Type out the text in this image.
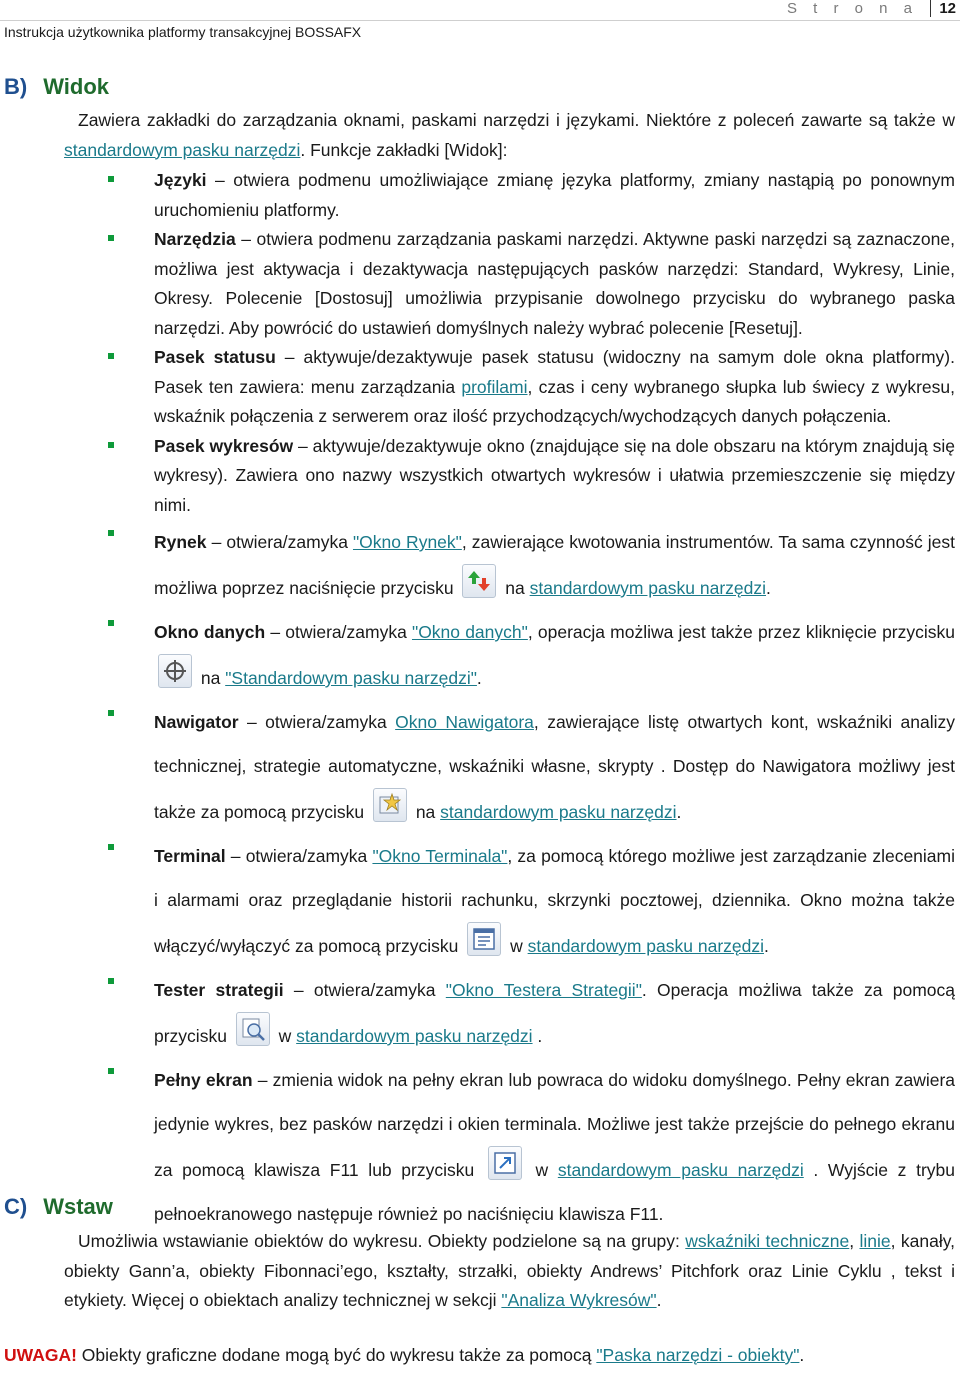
Instrukcja użytkownika platformy transakcyjnej BOSSAFX
S t r o n a	12
B) Widok
Zawiera zakładki do zarządzania oknami, paskami narzędzi i językami. Niektóre z poleceń zawarte są także w standardowym pasku narzędzi. Funkcje zakładki [Widok]:
Języki – otwiera podmenu umożliwiające zmianę języka platformy, zmiany nastąpią po ponownym uruchomieniu platformy.
Narzędzia – otwiera podmenu zarządzania paskami narzędzi. Aktywne paski narzędzi są zaznaczone, możliwa jest aktywacja i dezaktywacja następujących pasków narzędzi: Standard, Wykresy, Linie, Okresy. Polecenie [Dostosuj] umożliwia przypisanie dowolnego przycisku do wybranego paska narzędzi. Aby powrócić do ustawień domyślnych należy wybrać polecenie [Resetuj].
Pasek statusu – aktywuje/dezaktywuje pasek statusu (widoczny na samym dole okna platformy). Pasek ten zawiera: menu zarządzania profilami, czas i ceny wybranego słupka lub świecy z wykresu, wskaźnik połączenia z serwerem oraz ilość przychodzących/wychodzących danych połączenia.
Pasek wykresów – aktywuje/dezaktywuje okno (znajdujące się na dole obszaru na którym znajdują się wykresy). Zawiera ono nazwy wszystkich otwartych wykresów i ułatwia przemieszczenie się między nimi.
Rynek – otwiera/zamyka "Okno Rynek", zawierające kwotowania instrumentów. Ta sama czynność jest możliwa poprzez naciśnięcie przycisku
na standardowym pasku narzędzi.
Okno danych – otwiera/zamyka "Okno danych", operacja możliwa jest także przez kliknięcie przycisku
na "Standardowym pasku narzędzi".
Nawigator – otwiera/zamyka Okno Nawigatora, zawierające listę otwartych kont, wskaźniki analizy technicznej, strategie automatyczne, wskaźniki własne, skrypty . Dostęp do Nawigatora możliwy jest także za pomocą przycisku
na standardowym pasku narzędzi.
Terminal – otwiera/zamyka "Okno Terminala", za pomocą którego możliwe jest zarządzanie zleceniami i alarmami oraz przeglądanie historii rachunku, skrzynki pocztowej, dziennika. Okno można także włączyć/wyłączyć za pomocą przycisku
w standardowym pasku narzędzi.
Tester strategii – otwiera/zamyka "Okno Testera Strategii". Operacja możliwa także za pomocą przycisku
w standardowym pasku narzędzi .
Pełny ekran – zmienia widok na pełny ekran lub powraca do widoku domyślnego. Pełny ekran zawiera jedynie wykres, bez pasków narzędzi i okien terminala. Możliwe jest także przejście do pełnego ekranu za pomocą klawisza F11 lub przycisku
w standardowym pasku narzędzi . Wyjście z trybu pełnoekranowego następuje również po naciśnięciu klawisza F11.
C) Wstaw
Umożliwia wstawianie obiektów do wykresu. Obiekty podzielone są na grupy: wskaźniki techniczne, linie, kanały, obiekty Gann’a, obiekty Fibonnaci’ego, kształty, strzałki, obiekty Andrews’ Pitchfork oraz Linie Cyklu , tekst i etykiety. Więcej o obiektach analizy technicznej w sekcji "Analiza Wykresów".
UWAGA! Obiekty graficzne dodane mogą być do wykresu także za pomocą "Paska narzędzi - obiekty".
